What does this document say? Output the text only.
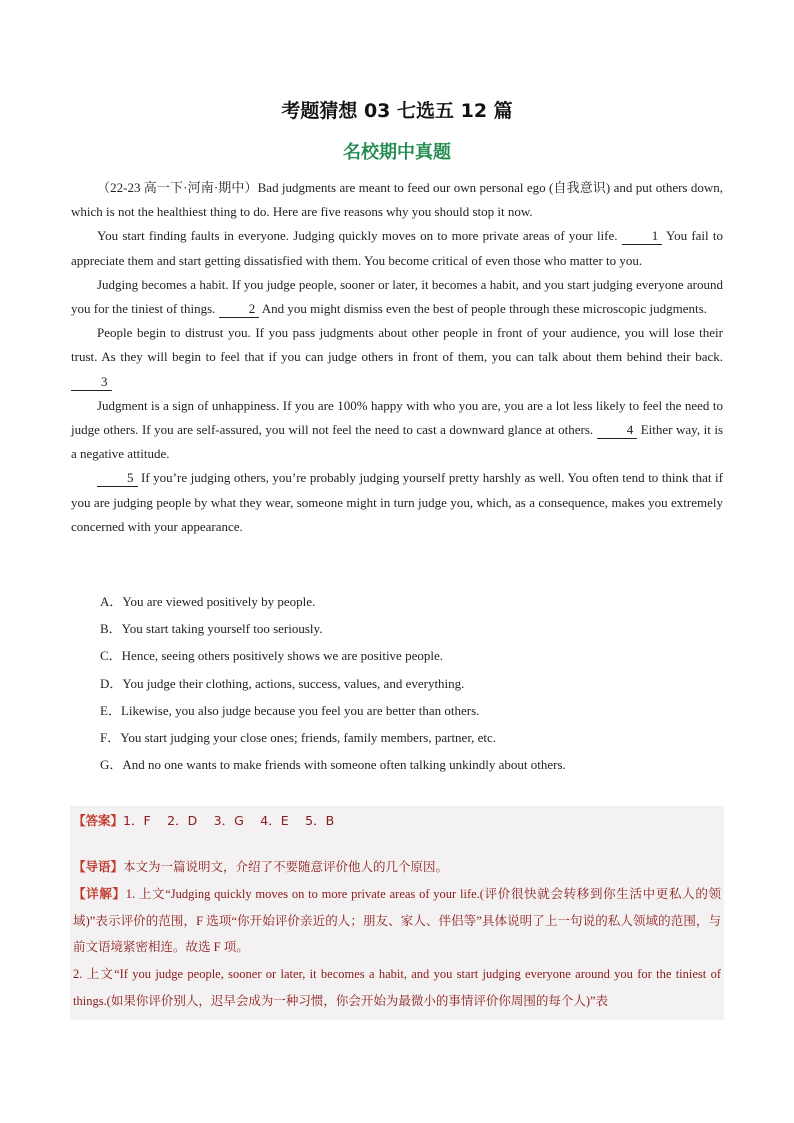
考题猜想 03 七选五 12 篇
名校期中真题

（22-23 高一下·河南·期中）Bad judgments are meant to feed our own personal ego (自我意识) and put others down, which is not the healthiest thing to do. Here are five reasons why you should stop it now.

You start finding faults in everyone. Judging quickly moves on to more private areas of your life.	1 You fail to appreciate them and start getting dissatisfied with them. You become critical of even those who matter to you.

Judging becomes a habit. If you judge people, sooner or later, it becomes a habit, and you start judging everyone around you for the tiniest of things.	2 And you might dismiss even the best of people through these microscopic judgments.

People begin to distrust you. If you pass judgments about other people in front of your audience, you will lose their trust. As they will begin to feel that if you can judge others in front of them, you can talk about them behind their back. 3

Judgment is a sign of unhappiness. If you are 100% happy with who you are, you are a lot less likely to feel the need to judge others. If you are self-assured, you will not feel the need to cast a downward glance at others.	4 Either way, it is a negative attitude.

5 If you’re judging others, you’re probably judging yourself pretty harshly as well. You often tend to think that if you are judging people by what they wear, someone might in turn judge you, which, as a consequence, makes you extremely concerned with your appearance.

A．You are viewed positively by people.
B．You start taking yourself too seriously.
C．Hence, seeing others positively shows we are positive people.
D．You judge their clothing, actions, success, values, and everything.
E．Likewise, you also judge because you feel you are better than others.
F．You start judging your close ones; friends, family members, partner, etc.
G．And no one wants to make friends with someone often talking unkindly about others.
【答案】1．F　 2．D　 3．G　 4．E　 5．B
【导语】本文为一篇说明文，介绍了不要随意评价他人的几个原因。
【详解】1. 上文“Judging quickly moves on to more private areas of your life.(评价很快就会转移到你生活中更私人的领域)”表示评价的范围，F 选项“你开始评价亲近的人；朋友、家人、伴侣等”具体说明了上一句说的私人领域的范围，与前文语境紧密相连。故选 F 项。
2. 上文“If you judge people, sooner or later, it becomes a habit, and you start judging everyone around you for the tiniest of things.(如果你评价别人，迟早会成为一种习惯，你会开始为最微小的事情评价你周围的每个人)”表
